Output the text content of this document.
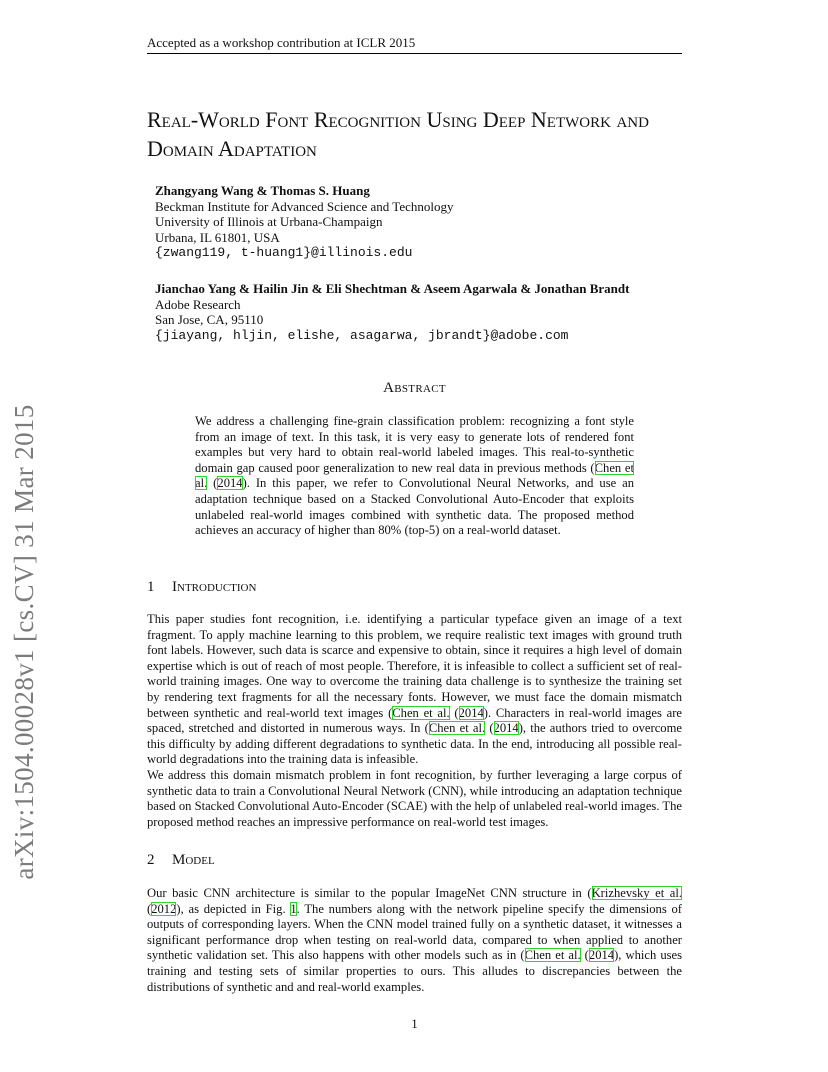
Accepted as a workshop contribution at ICLR 2015
arXiv:1504.00028v1 [cs.CV] 31 Mar 2015
Real-World Font Recognition Using Deep Network and Domain Adaptation
Zhangyang Wang & Thomas S. Huang
Beckman Institute for Advanced Science and Technology
University of Illinois at Urbana-Champaign
Urbana, IL 61801, USA
{zwang119, t-huang1}@illinois.edu
Jianchao Yang & Hailin Jin & Eli Shechtman & Aseem Agarwala & Jonathan Brandt
Adobe Research
San Jose, CA, 95110
{jiayang, hljin, elishe, asagarwa, jbrandt}@adobe.com
Abstract
We address a challenging fine-grain classification problem: recognizing a font style from an image of text. In this task, it is very easy to generate lots of rendered font examples but very hard to obtain real-world labeled images. This real-to-synthetic domain gap caused poor generalization to new real data in previous methods (Chen et al. (2014). In this paper, we refer to Convolutional Neural Networks, and use an adaptation technique based on a Stacked Convolutional Auto-Encoder that exploits unlabeled real-world images combined with synthetic data. The proposed method achieves an accuracy of higher than 80% (top-5) on a real-world dataset.
1 Introduction
This paper studies font recognition, i.e. identifying a particular typeface given an image of a text fragment. To apply machine learning to this problem, we require realistic text images with ground truth font labels. However, such data is scarce and expensive to obtain, since it requires a high level of domain expertise which is out of reach of most people. Therefore, it is infeasible to collect a sufficient set of real-world training images. One way to overcome the training data challenge is to synthesize the training set by rendering text fragments for all the necessary fonts. However, we must face the domain mismatch between synthetic and real-world text images (Chen et al. (2014). Characters in real-world images are spaced, stretched and distorted in numerous ways. In (Chen et al. (2014), the authors tried to overcome this difficulty by adding different degradations to synthetic data. In the end, introducing all possible real-world degradations into the training data is infeasible.
We address this domain mismatch problem in font recognition, by further leveraging a large corpus of synthetic data to train a Convolutional Neural Network (CNN), while introducing an adaptation technique based on Stacked Convolutional Auto-Encoder (SCAE) with the help of unlabeled real-world images. The proposed method reaches an impressive performance on real-world test images.
2 Model
Our basic CNN architecture is similar to the popular ImageNet CNN structure in (Krizhevsky et al. (2012), as depicted in Fig. 1. The numbers along with the network pipeline specify the dimensions of outputs of corresponding layers. When the CNN model trained fully on a synthetic dataset, it witnesses a significant performance drop when testing on real-world data, compared to when applied to another synthetic validation set. This also happens with other models such as in (Chen et al. (2014), which uses training and testing sets of similar properties to ours. This alludes to discrepancies between the distributions of synthetic and and real-world examples.
1
